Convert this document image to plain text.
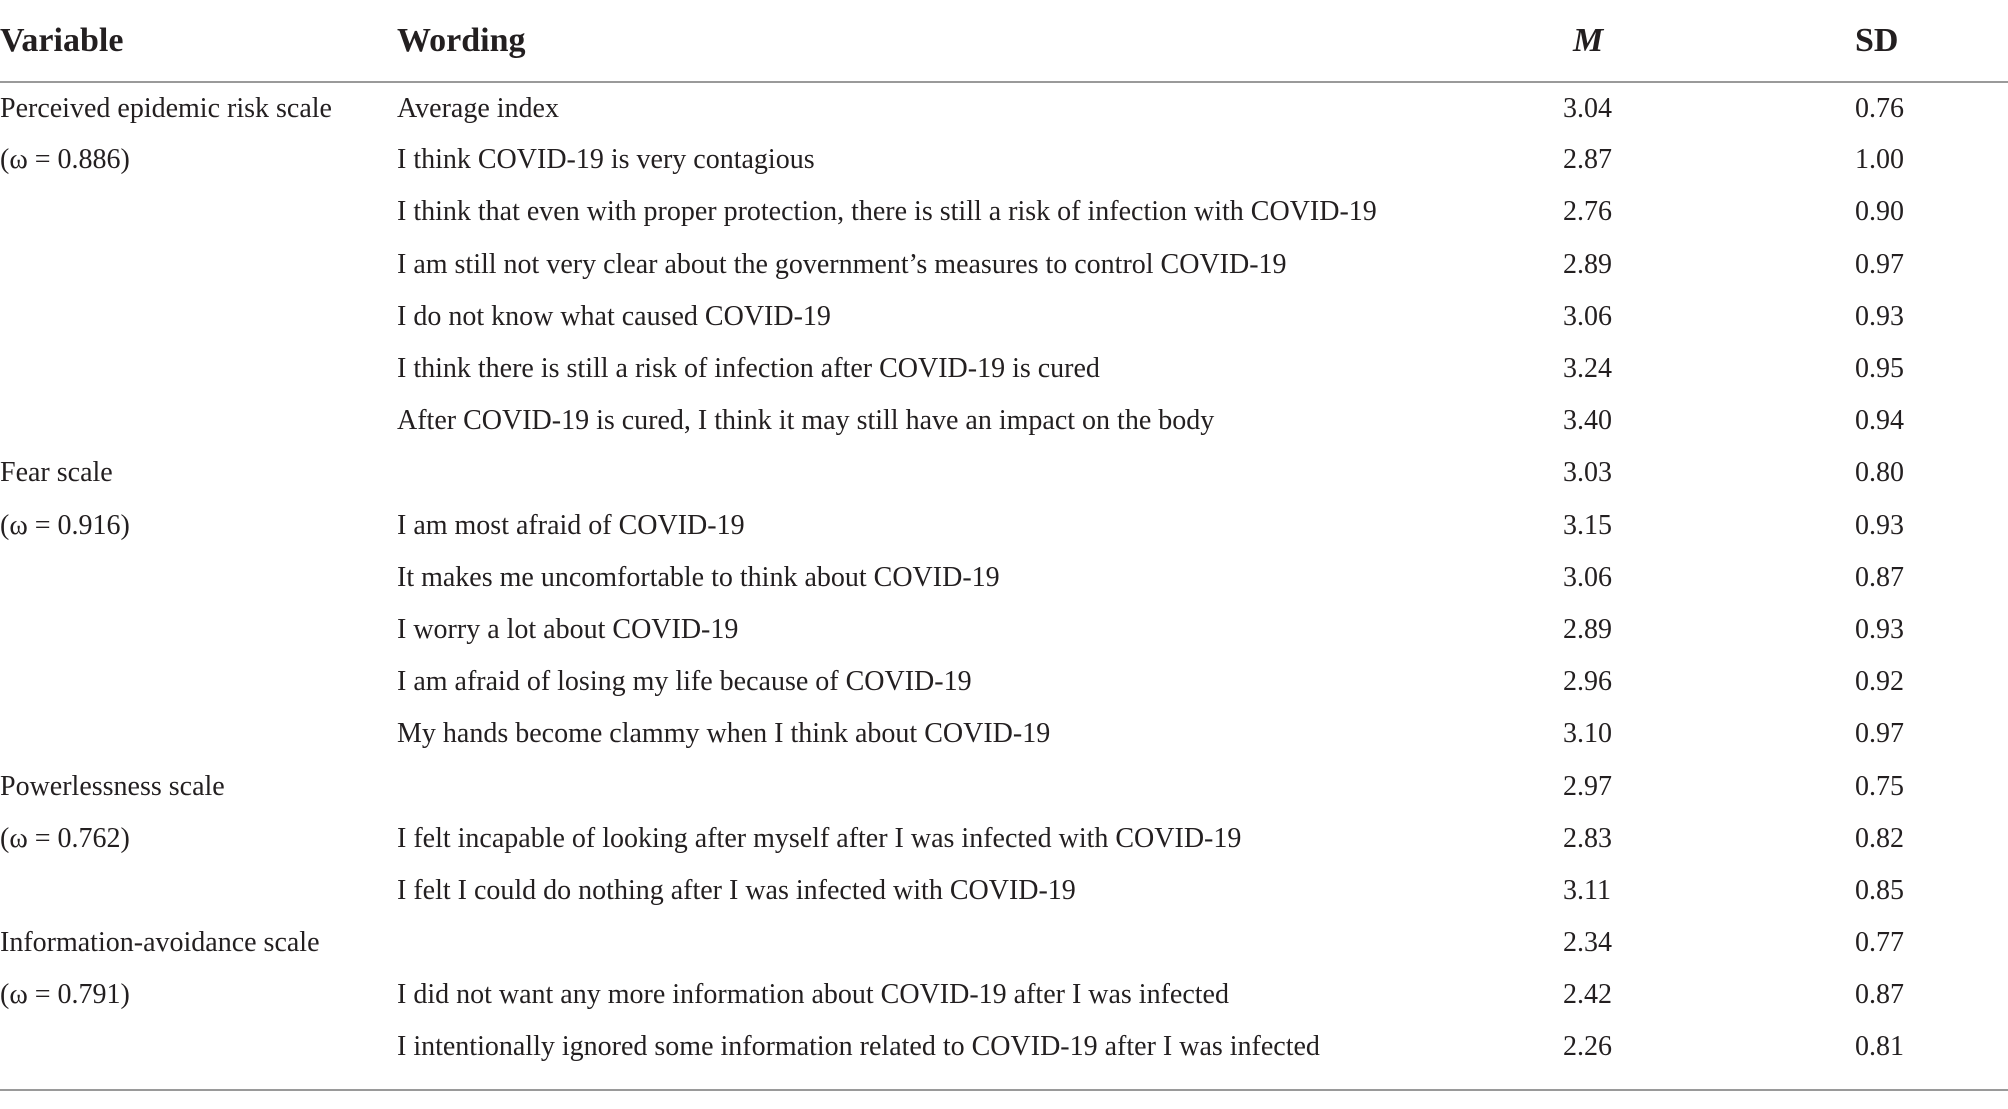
Variable	Wording	M	SD
Perceived epidemic risk scale	Average index	3.04	0.76
(ω = 0.886)	I think COVID-19 is very contagious	2.87	1.00
	I think that even with proper protection, there is still a risk of infection with COVID-19	2.76	0.90
	I am still not very clear about the government’s measures to control COVID-19	2.89	0.97
	I do not know what caused COVID-19	3.06	0.93
	I think there is still a risk of infection after COVID-19 is cured	3.24	0.95
	After COVID-19 is cured, I think it may still have an impact on the body	3.40	0.94
Fear scale		3.03	0.80
(ω = 0.916)	I am most afraid of COVID-19	3.15	0.93
	It makes me uncomfortable to think about COVID-19	3.06	0.87
	I worry a lot about COVID-19	2.89	0.93
	I am afraid of losing my life because of COVID-19	2.96	0.92
	My hands become clammy when I think about COVID-19	3.10	0.97
Powerlessness scale		2.97	0.75
(ω = 0.762)	I felt incapable of looking after myself after I was infected with COVID-19	2.83	0.82
	I felt I could do nothing after I was infected with COVID-19	3.11	0.85
Information-avoidance scale		2.34	0.77
(ω = 0.791)	I did not want any more information about COVID-19 after I was infected	2.42	0.87
	I intentionally ignored some information related to COVID-19 after I was infected	2.26	0.81
